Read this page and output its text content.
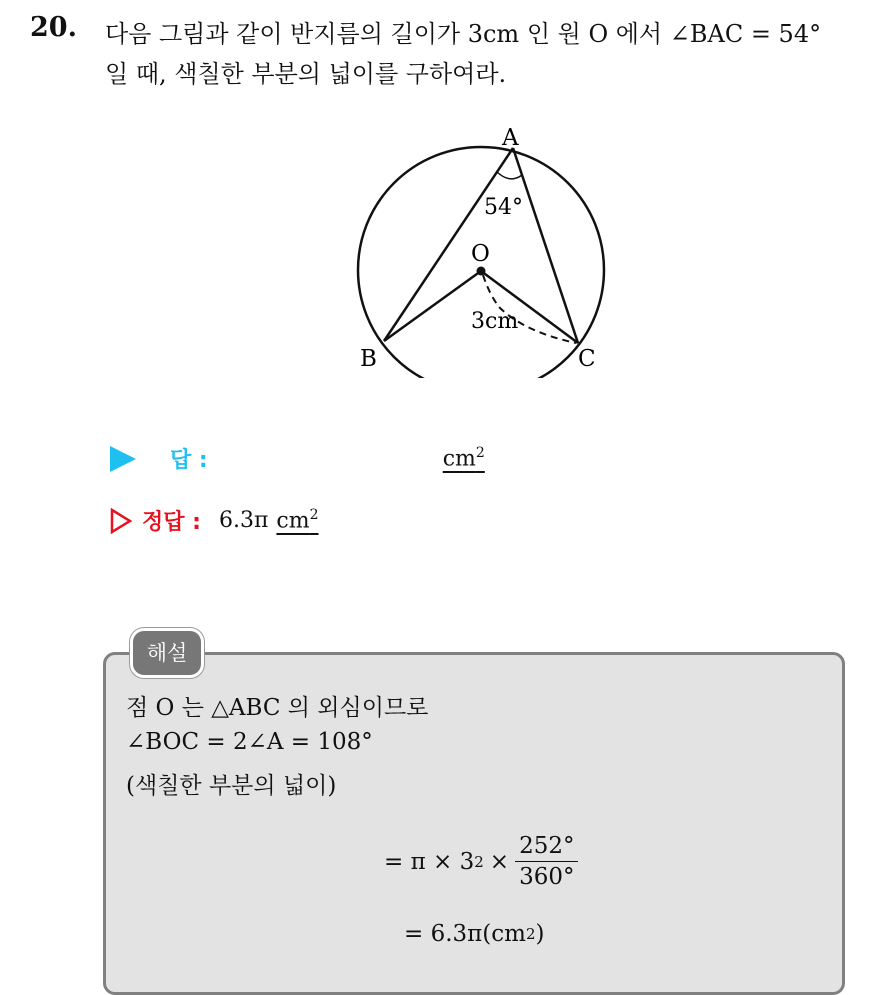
20. 다음 그림과 같이 반지름의 길이가 3cm 인 원 O 에서 ∠BAC = 54°
일 때, 색칠한 부분의 넓이를 구하여라.
A
B	C
O
54°
3cm
답 :	$cm^2$
정답 : 6.3π $cm^2$
해설
점 O 는 △ABC 의 외심이므로
∠BOC = 2∠A = 108°
(색칠한 부분의 넓이)
= π × 3 $2 \times \frac{252^\circ}{360^\circ}$
= 6.3π(cm 2 )
